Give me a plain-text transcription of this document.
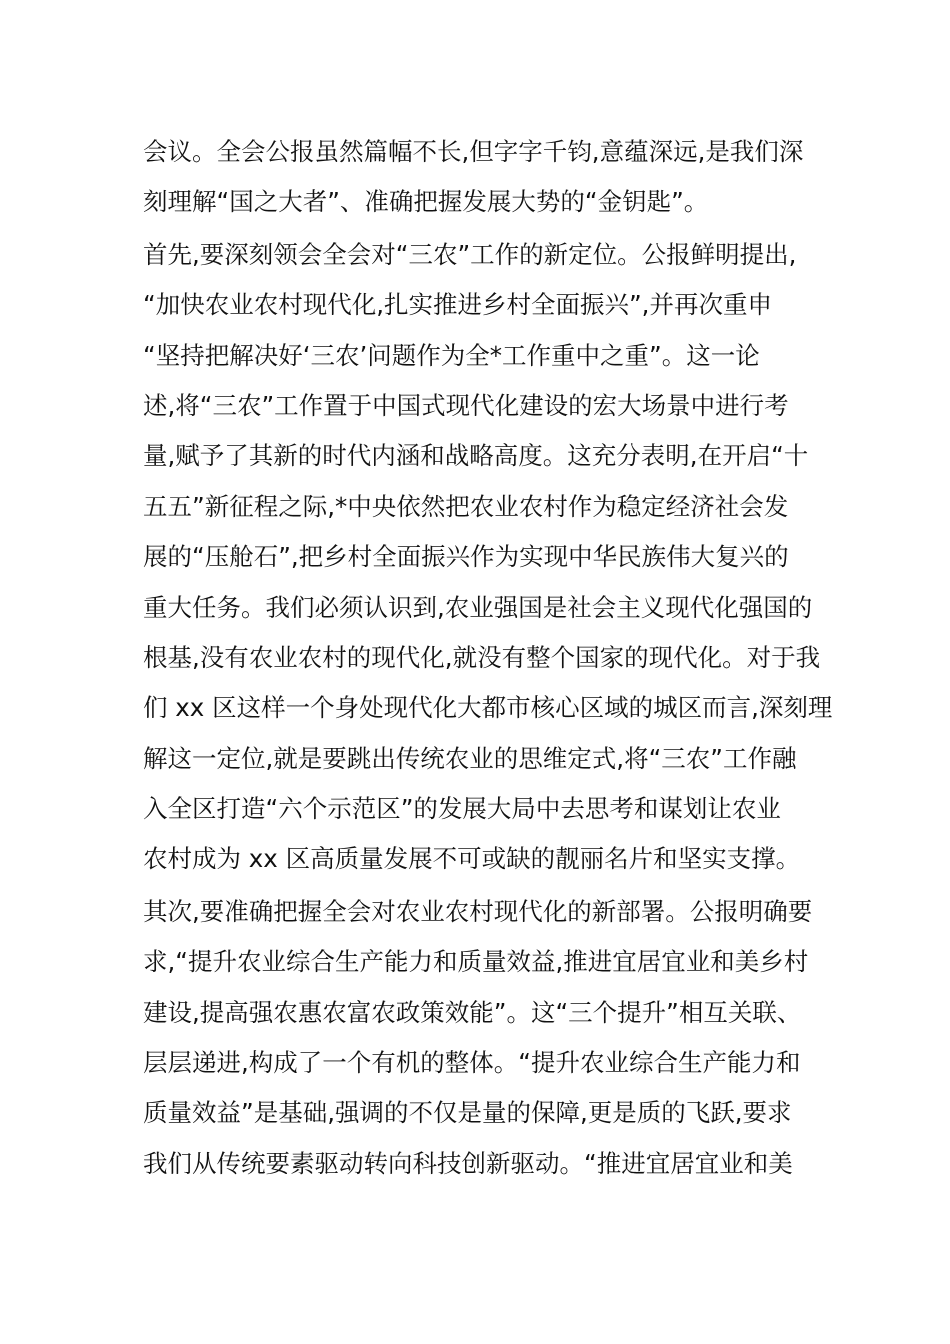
会议。全会公报虽然篇幅不长,但字字千钧,意蕴深远,是我们深
刻理解“国之大者”、准确把握发展大势的“金钥匙”。
首先,要深刻领会全会对“三农”工作的新定位。公报鲜明提出,
“加快农业农村现代化,扎实推进乡村全面振兴”,并再次重申
“坚持把解决好‘三农’问题作为全*工作重中之重”。这一论
述,将“三农”工作置于中国式现代化建设的宏大场景中进行考
量,赋予了其新的时代内涵和战略高度。这充分表明,在开启“十
五五”新征程之际,*中央依然把农业农村作为稳定经济社会发
展的“压舱石”,把乡村全面振兴作为实现中华民族伟大复兴的
重大任务。我们必须认识到,农业强国是社会主义现代化强国的
根基,没有农业农村的现代化,就没有整个国家的现代化。对于我
们 xx 区这样一个身处现代化大都市核心区域的城区而言,深刻理
解这一定位,就是要跳出传统农业的思维定式,将“三农”工作融
入全区打造“六个示范区”的发展大局中去思考和谋划让农业
农村成为 xx 区高质量发展不可或缺的靓丽名片和坚实支撑。
其次,要准确把握全会对农业农村现代化的新部署。公报明确要
求,“提升农业综合生产能力和质量效益,推进宜居宜业和美乡村
建设,提高强农惠农富农政策效能”。这“三个提升”相互关联、
层层递进,构成了一个有机的整体。“提升农业综合生产能力和
质量效益”是基础,强调的不仅是量的保障,更是质的飞跃,要求
我们从传统要素驱动转向科技创新驱动。“推进宜居宜业和美
